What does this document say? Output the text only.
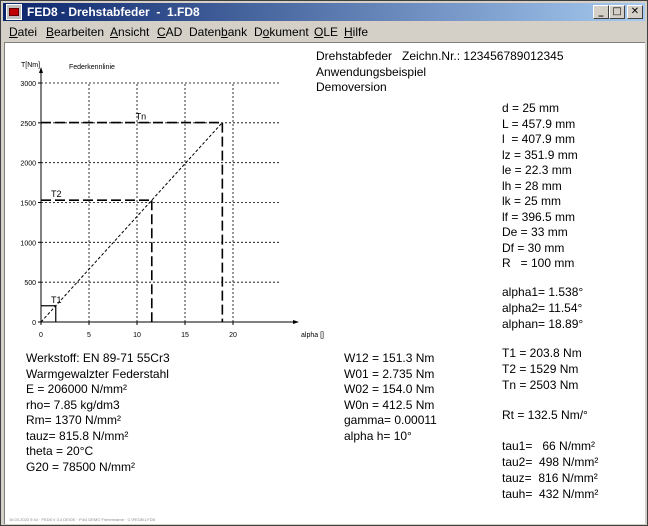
FED8 - Drehstabfeder  -  1.FD8	_ □ ✕
Datei Bearbeiten Ansicht CAD Datenbank Dokument OLE Hilfe
0	5	10	15	20
0
500
1000
1500
2000
2500
3000
alpha []
T[Nm]	Federkennlinie
T1
T2
Tn
Drehstabfeder   Zeichn.Nr.: 123456789012345
Anwendungsbeispiel
Demoversion
d = 25 mm
L = 457.9 mm
l  = 407.9 mm
lz = 351.9 mm
le = 22.3 mm
lh = 28 mm
lk = 25 mm
lf = 396.5 mm
De = 33 mm
Df = 30 mm
R   = 100 mm
alpha1= 1.538°
alpha2= 11.54°
alphan= 18.89°
T1 = 203.8 Nm
T2 = 1529 Nm
Tn = 2503 Nm
Rt = 132.5 Nm/°
tau1=   66 N/mm²
tau2=  498 N/mm²
tauz=  816 N/mm²
tauh=  432 N/mm²
Werkstoff: EN 89-71 55Cr3
Warmgewalzter Federstahl
E = 206000 N/mm²
rho= 7.85 kg/dm3
Rm= 1370 N/mm²
tauz= 815.8 N/mm²
theta = 20°C
G20 = 78500 N/mm²
W12 = 151.3 Nm
W01 = 2.735 Nm
W02 = 154.0 Nm
W0n = 412.5 Nm
gamma= 0.00011
alpha h= 10°
16.03.2023 9:44 · FED8 V 3.4 DE/DE · P4/4 DEMO Firmenname · C:\FED8\1.FD8
